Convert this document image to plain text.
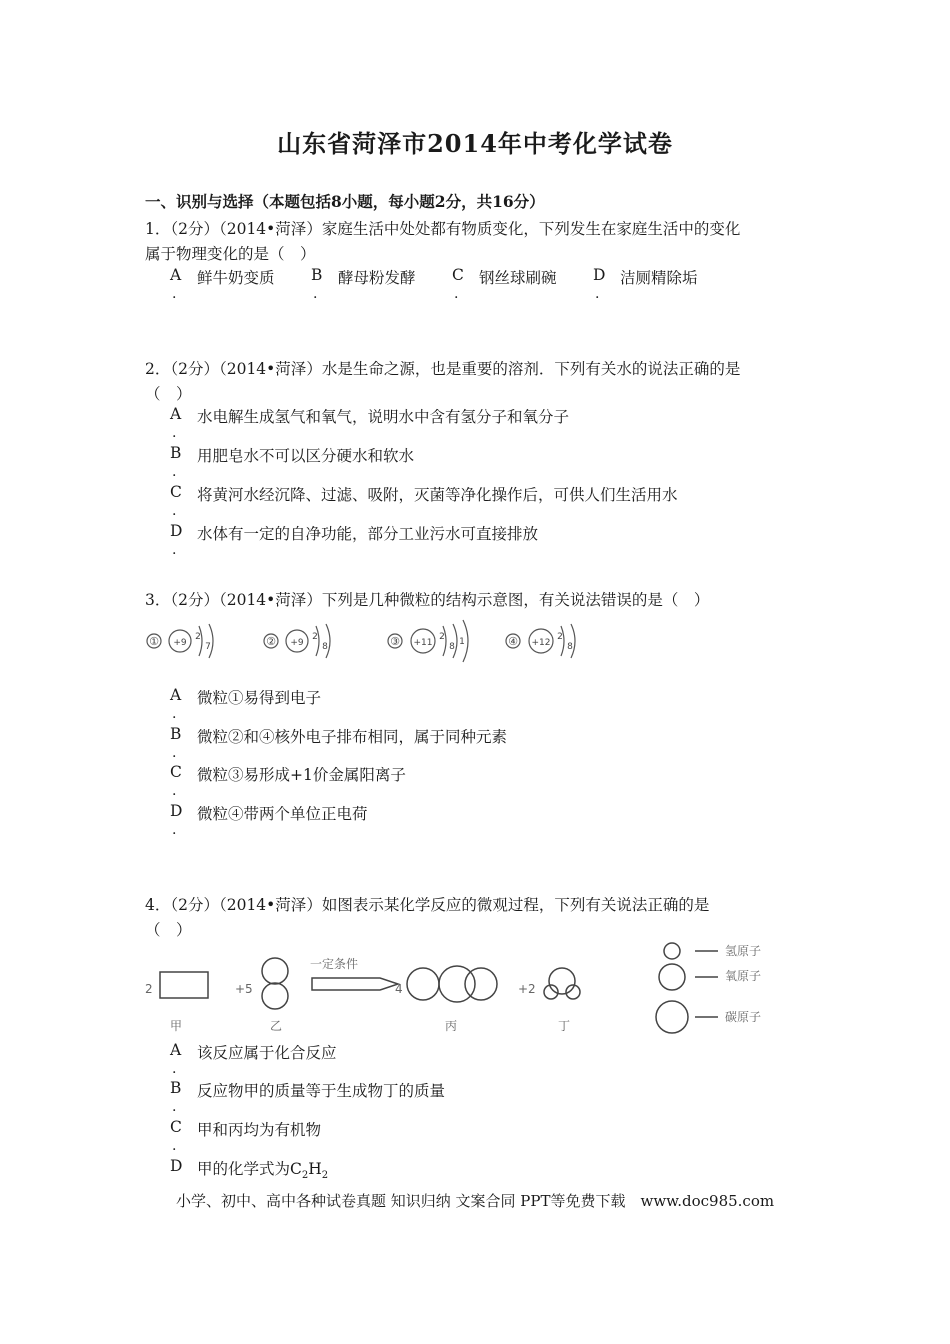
山东省菏泽市2014年中考化学试卷
一、识别与选择（本题包括8小题，每小题2分，共16分）
1．（2分）（2014•菏泽）家庭生活中处处都有物质变化，下列发生在家庭生活中的变化
属于物理变化的是（　）
A
.
鲜牛奶变质 B
.
酵母粉发酵 C
.
钢丝球刷碗 D
.
洁厕精除垢
2．（2分）（2014•菏泽）水是生命之源，也是重要的溶剂．下列有关水的说法正确的是
（　）
A
.
水电解生成氢气和氧气，说明水中含有氢分子和氧分子
B
.
用肥皂水不可以区分硬水和软水
C
.
将黄河水经沉降、过滤、吸附，灭菌等净化操作后，可供人们生活用水
D
.
水体有一定的自净功能，部分工业污水可直接排放
3．（2分）（2014•菏泽）下列是几种微粒的结构示意图，有关说法错误的是（　）
① +9
2
7	② +9
2
8	③ +11
2
8 1	④ +12
2
8
A
.
微粒①易得到电子
B
.
微粒②和④核外电子排布相同，属于同种元素
C
.
微粒③易形成+1价金属阳离子
D
.
微粒④带两个单位正电荷
4．（2分）（2014•菏泽）如图表示某化学反应的微观过程，下列有关说法正确的是
（　）
2	+5	4	+2
一定条件
甲	乙	丙	丁
氢原子
氧原子
碳原子
A
.
该反应属于化合反应
B
.
反应物甲的质量等于生成物丁的质量
C
.
甲和丙均为有机物
D 甲的化学式为$C_2H_2$
小学、初中、高中各种试卷真题 知识归纳 文案合同 PPT等免费下载　www.doc985.com
